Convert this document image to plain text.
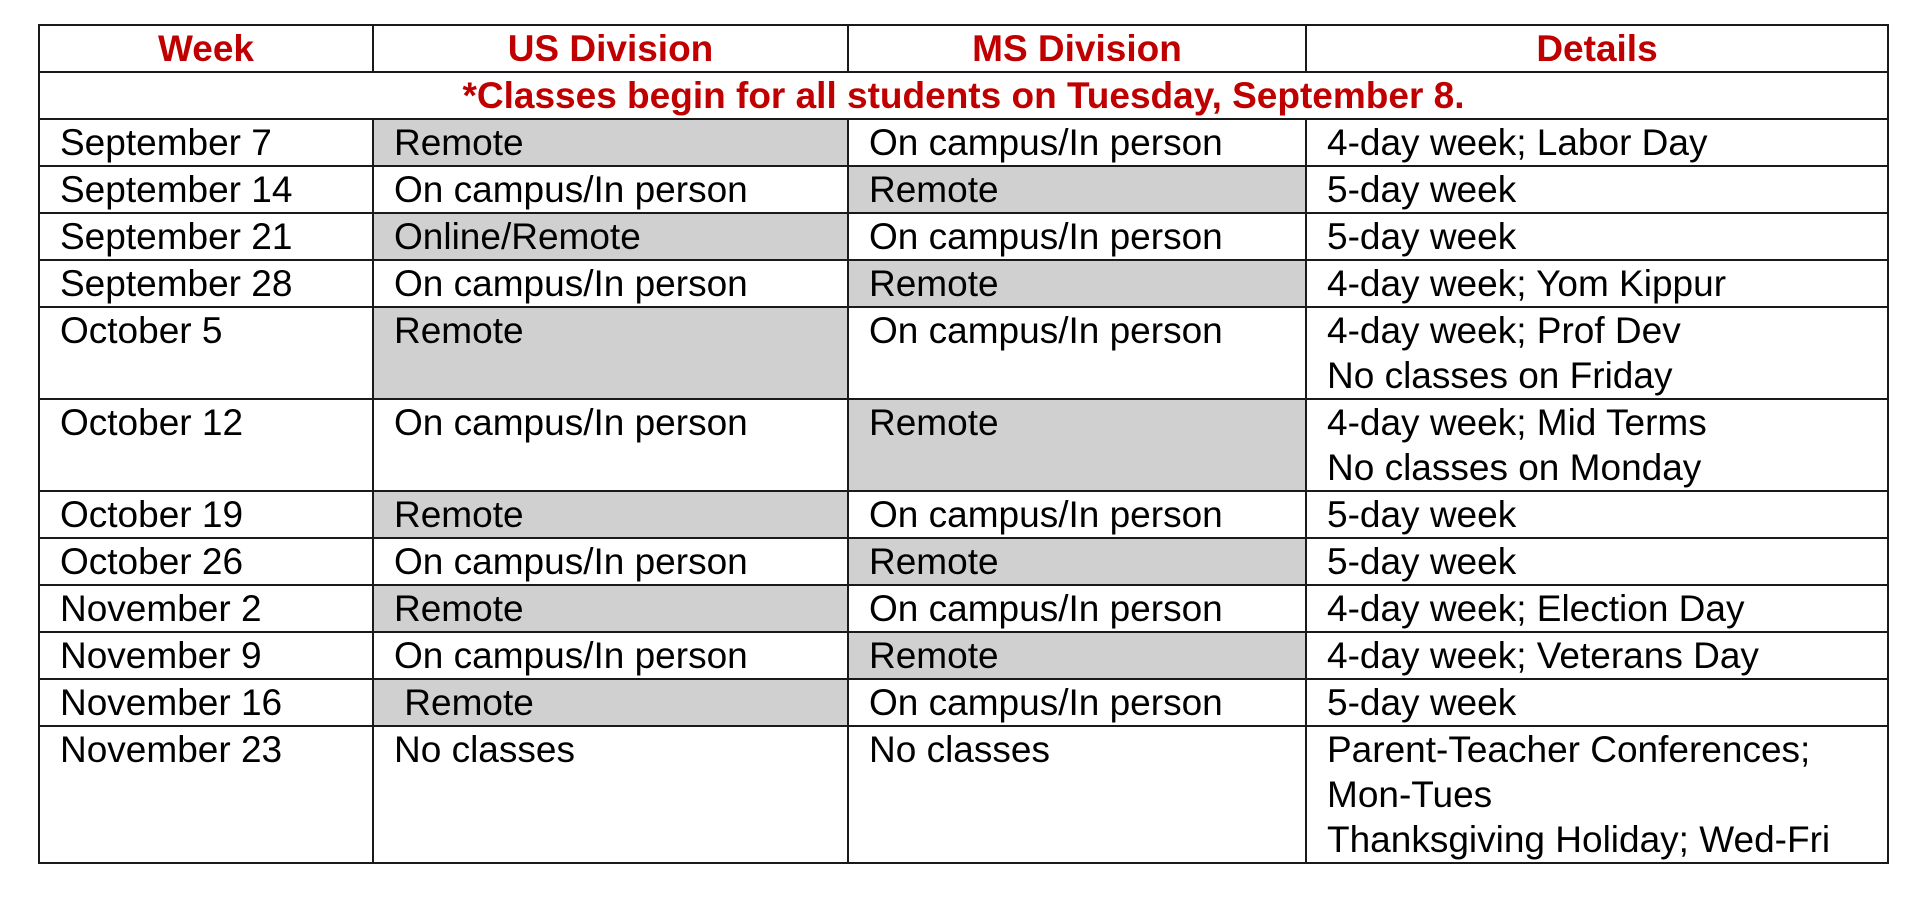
Week	US Division	MS Division	Details
*Classes begin for all students on Tuesday, September 8.			
September 7	Remote	On campus/In person	4-day week; Labor Day

September 14	On campus/In person	Remote	5-day week

September 21	Online/Remote	On campus/In person	5-day week

September 28	On campus/In person	Remote	4-day week; Yom Kippur

October 5	Remote	On campus/In person	4-day week; Prof Dev
No classes on Friday

October 12	On campus/In person	Remote	4-day week; Mid Terms
No classes on Monday

October 19	Remote	On campus/In person	5-day week

October 26	On campus/In person	Remote	5-day week

November 2	Remote	On campus/In person	4-day week; Election Day

November 9	On campus/In person	Remote	4-day week; Veterans Day

November 16	Remote	On campus/In person	5-day week

November 23	No classes	No classes	Parent-Teacher Conferences;
Mon-Tues
Thanksgiving Holiday; Wed-Fri
